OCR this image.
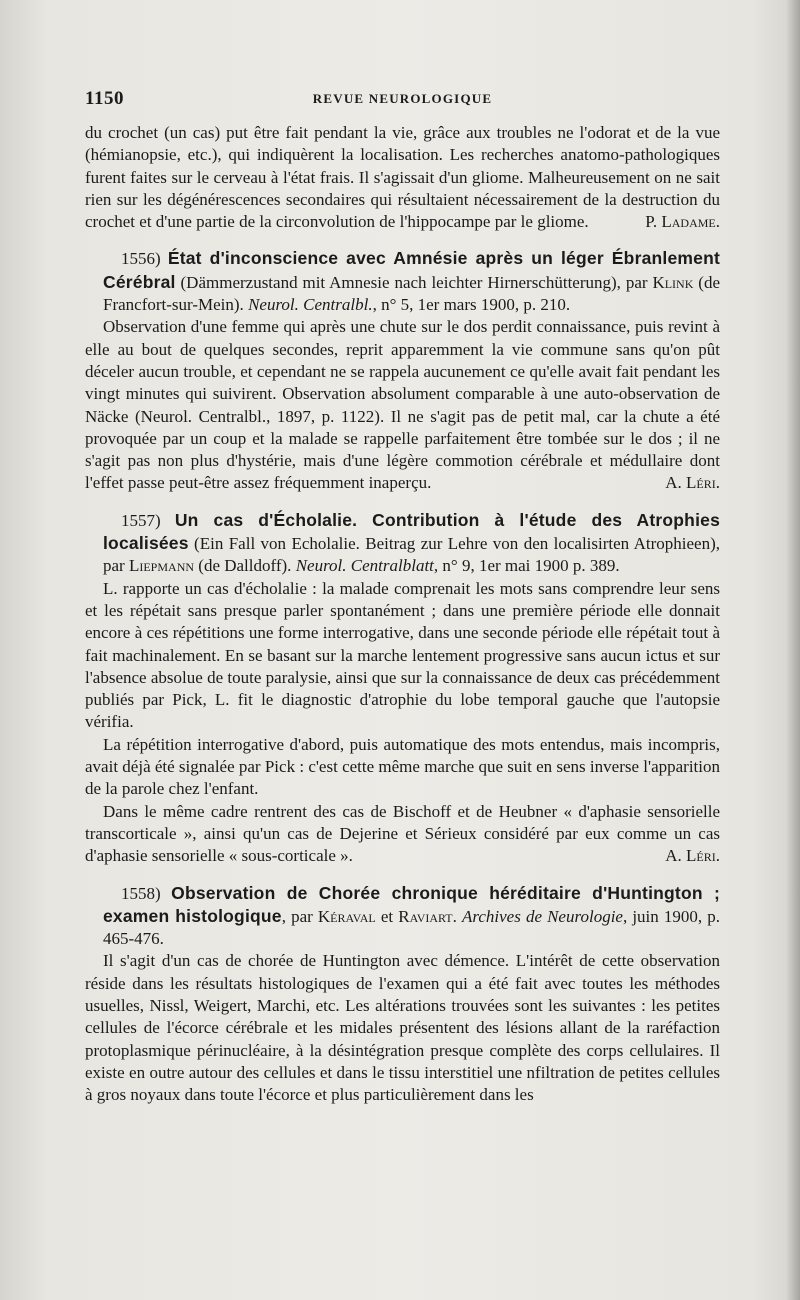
1150	REVUE NEUROLOGIQUE

du crochet (un cas) put être fait pendant la vie, grâce aux troubles ne l'odorat et de la vue (hémianopsie, etc.), qui indiquèrent la localisation. Les recherches anatomo-pathologiques furent faites sur le cerveau à l'état frais. Il s'agissait d'un gliome. Malheureusement on ne sait rien sur les dégénérescences secondaires qui résultaient nécessairement de la destruction du crochet et d'une partie de la circonvolution de l'hippocampe par le gliome.	P. Ladame.

1556) État d'inconscience avec Amnésie après un léger Ébranlement Cérébral (Dämmerzustand mit Amnesie nach leichter Hirnerschütterung), par Klink (de Francfort-sur-Mein). Neurol. Centralbl., n° 5, 1er mars 1900, p. 210.

Observation d'une femme qui après une chute sur le dos perdit connaissance, puis revint à elle au bout de quelques secondes, reprit apparemment la vie commune sans qu'on pût déceler aucun trouble, et cependant ne se rappela aucunement ce qu'elle avait fait pendant les vingt minutes qui suivirent. Observation absolument comparable à une auto-observation de Näcke (Neurol. Centralbl., 1897, p. 1122). Il ne s'agit pas de petit mal, car la chute a été provoquée par un coup et la malade se rappelle parfaitement être tombée sur le dos ; il ne s'agit pas non plus d'hystérie, mais d'une légère commotion cérébrale et médullaire dont l'effet passe peut-être assez fréquemment inaperçu.	A. Léri.

1557) Un cas d'Écholalie. Contribution à l'étude des Atrophies localisées (Ein Fall von Echolalie. Beitrag zur Lehre von den localisirten Atrophieen), par Liepmann (de Dalldoff). Neurol. Centralblatt, n° 9, 1er mai 1900 p. 389.

L. rapporte un cas d'écholalie : la malade comprenait les mots sans comprendre leur sens et les répétait sans presque parler spontanément ; dans une première période elle donnait encore à ces répétitions une forme interrogative, dans une seconde période elle répétait tout à fait machinalement. En se basant sur la marche lentement progressive sans aucun ictus et sur l'absence absolue de toute paralysie, ainsi que sur la connaissance de deux cas précédemment publiés par Pick, L. fit le diagnostic d'atrophie du lobe temporal gauche que l'autopsie vérifia.

La répétition interrogative d'abord, puis automatique des mots entendus, mais incompris, avait déjà été signalée par Pick : c'est cette même marche que suit en sens inverse l'apparition de la parole chez l'enfant.

Dans le même cadre rentrent des cas de Bischoff et de Heubner « d'aphasie sensorielle transcorticale », ainsi qu'un cas de Dejerine et Sérieux considéré par eux comme un cas d'aphasie sensorielle « sous-corticale ».	A. Léri.

1558) Observation de Chorée chronique héréditaire d'Huntington ; examen histologique, par Kéraval et Raviart. Archives de Neurologie, juin 1900, p. 465-476.

Il s'agit d'un cas de chorée de Huntington avec démence. L'intérêt de cette observation réside dans les résultats histologiques de l'examen qui a été fait avec toutes les méthodes usuelles, Nissl, Weigert, Marchi, etc. Les altérations trouvées sont les suivantes : les petites cellules de l'écorce cérébrale et les midales présentent des lésions allant de la raréfaction protoplasmique périnucléaire, à la désintégration presque complète des corps cellulaires. Il existe en outre autour des cellules et dans le tissu interstitiel une nfiltration de petites cellules à gros noyaux dans toute l'écorce et plus particulièrement dans les
